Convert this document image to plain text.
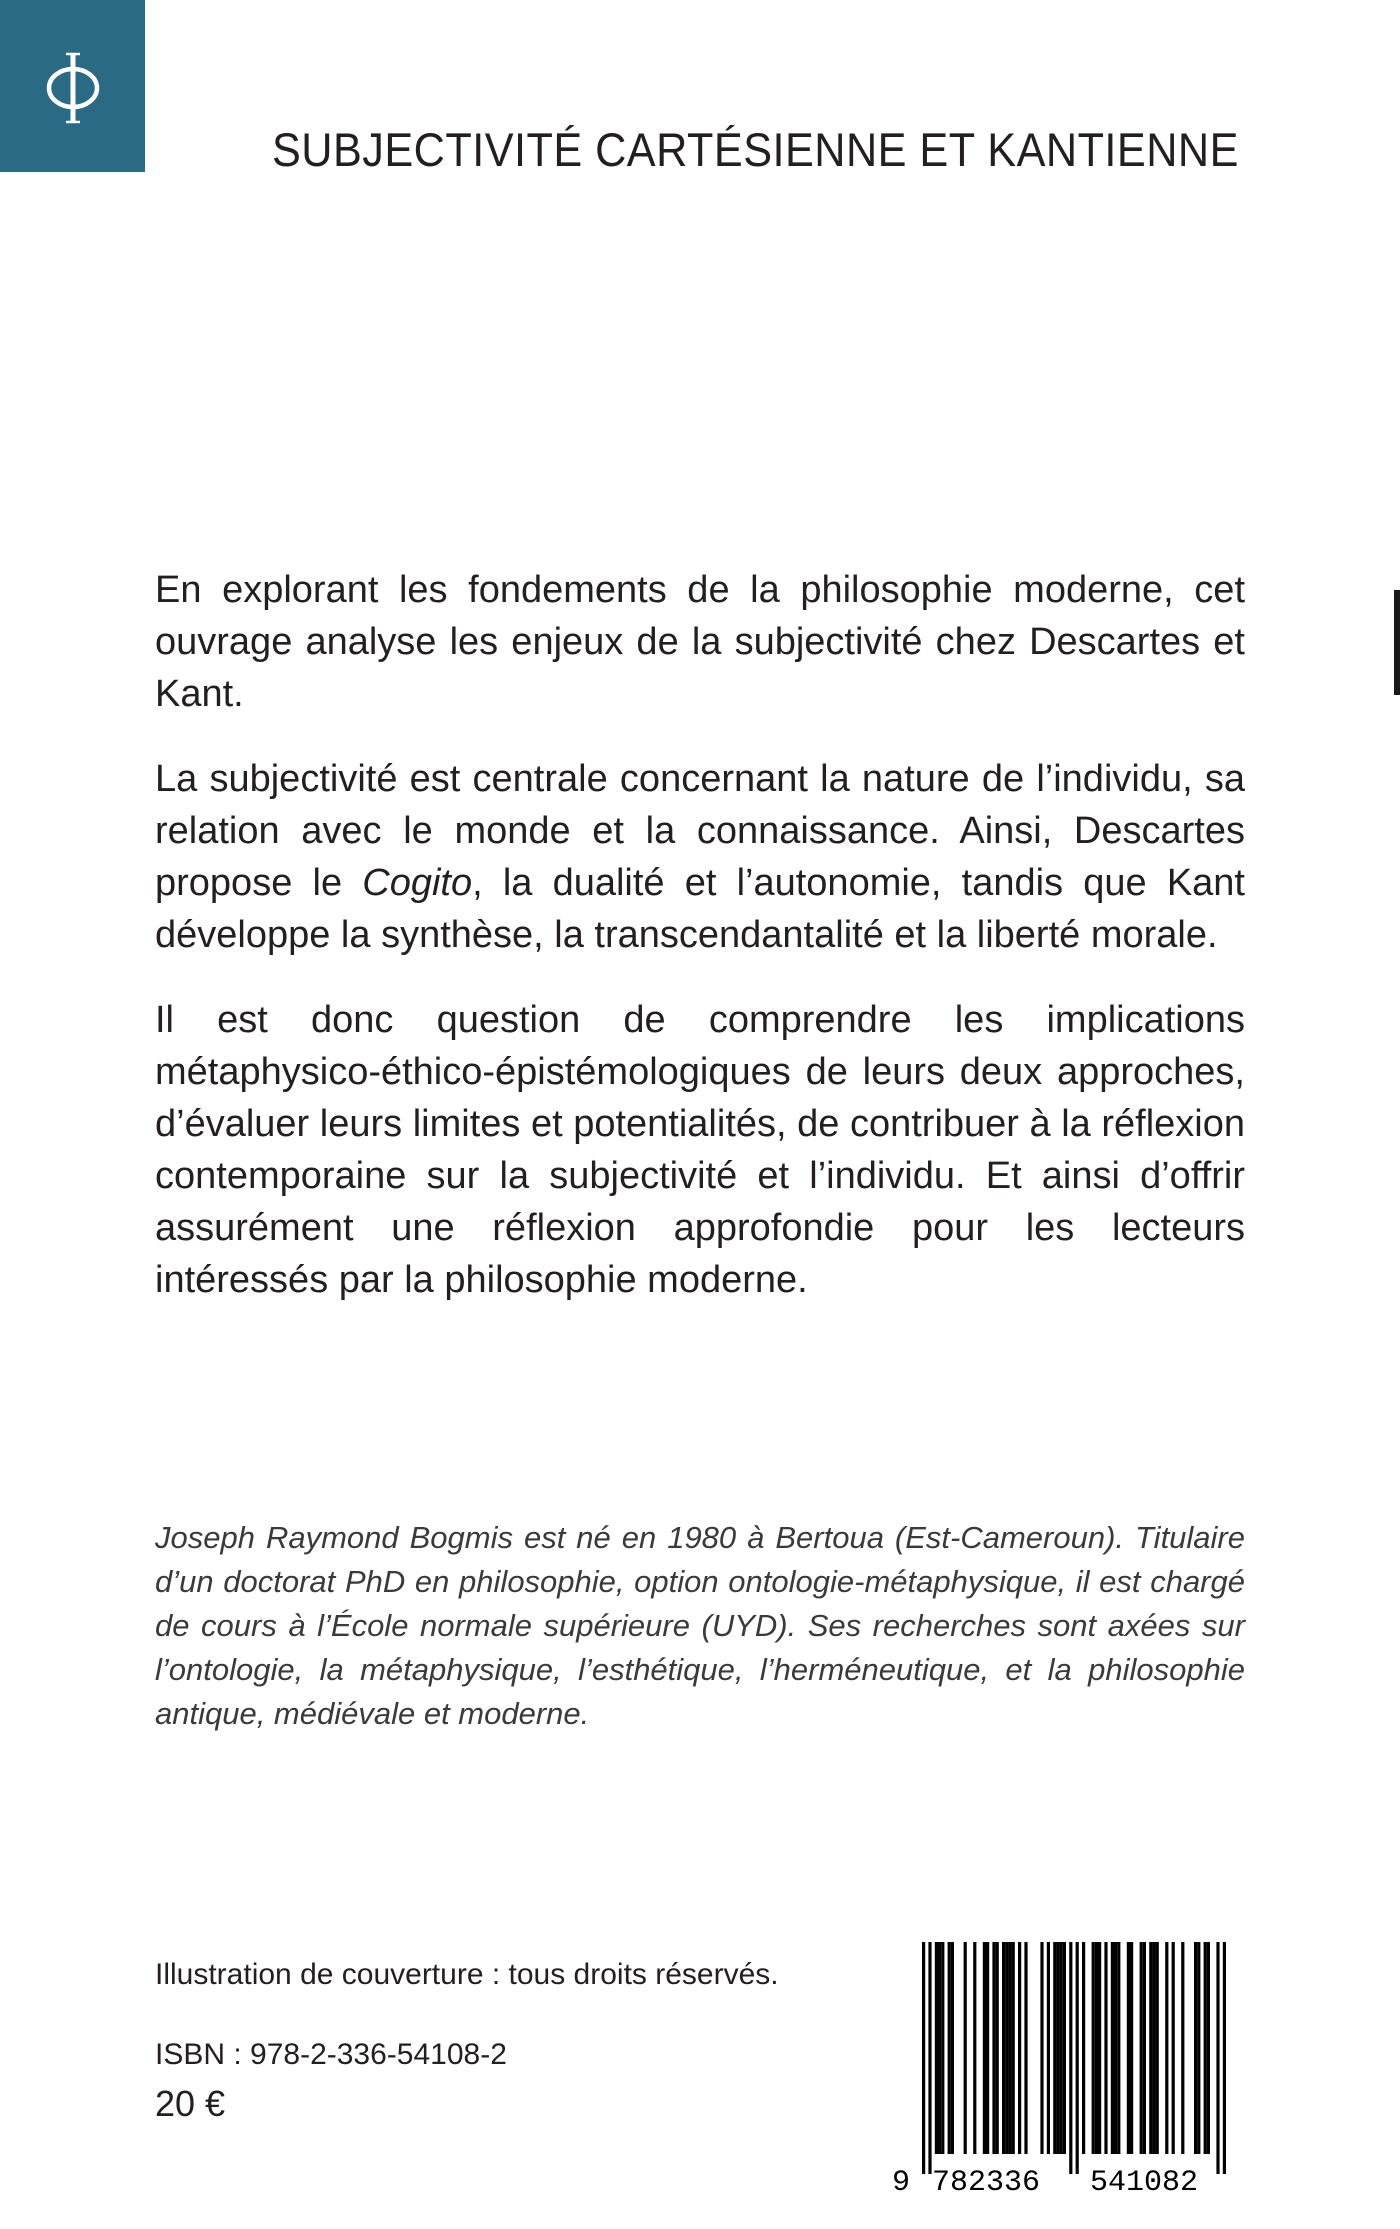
SUBJECTIVITÉ CARTÉSIENNE ET KANTIENNE

En explorant les fondements de la philosophie moderne, cet ouvrage analyse les enjeux de la subjectivité chez Descartes et Kant.

La subjectivité est centrale concernant la nature de l’individu, sa relation avec le monde et la connaissance. Ainsi, Descartes propose le Cogito, la dualité et l’autonomie, tandis que Kant développe la synthèse, la transcendantalité et la liberté morale.

Il est donc question de comprendre les implications métaphysico-éthico-épistémologiques de leurs deux approches, d’évaluer leurs limites et potentialités, de contribuer à la réflexion contemporaine sur la subjectivité et l’individu. Et ainsi d’offrir assurément une réflexion approfondie pour les lecteurs intéressés par la philosophie moderne.

Joseph Raymond Bogmis est né en 1980 à Bertoua (Est-Cameroun). Titulaire d’un doctorat PhD en philosophie, option ontologie-métaphysique, il est chargé de cours à l’École normale supérieure (UYD). Ses recherches sont axées sur l’ontologie, la métaphysique, l’esthétique, l’herméneutique, et la philosophie antique, médiévale et moderne.

Illustration de couverture : tous droits réservés.
ISBN : 978-2-336-54108-2
20 €
9 782336 541082
